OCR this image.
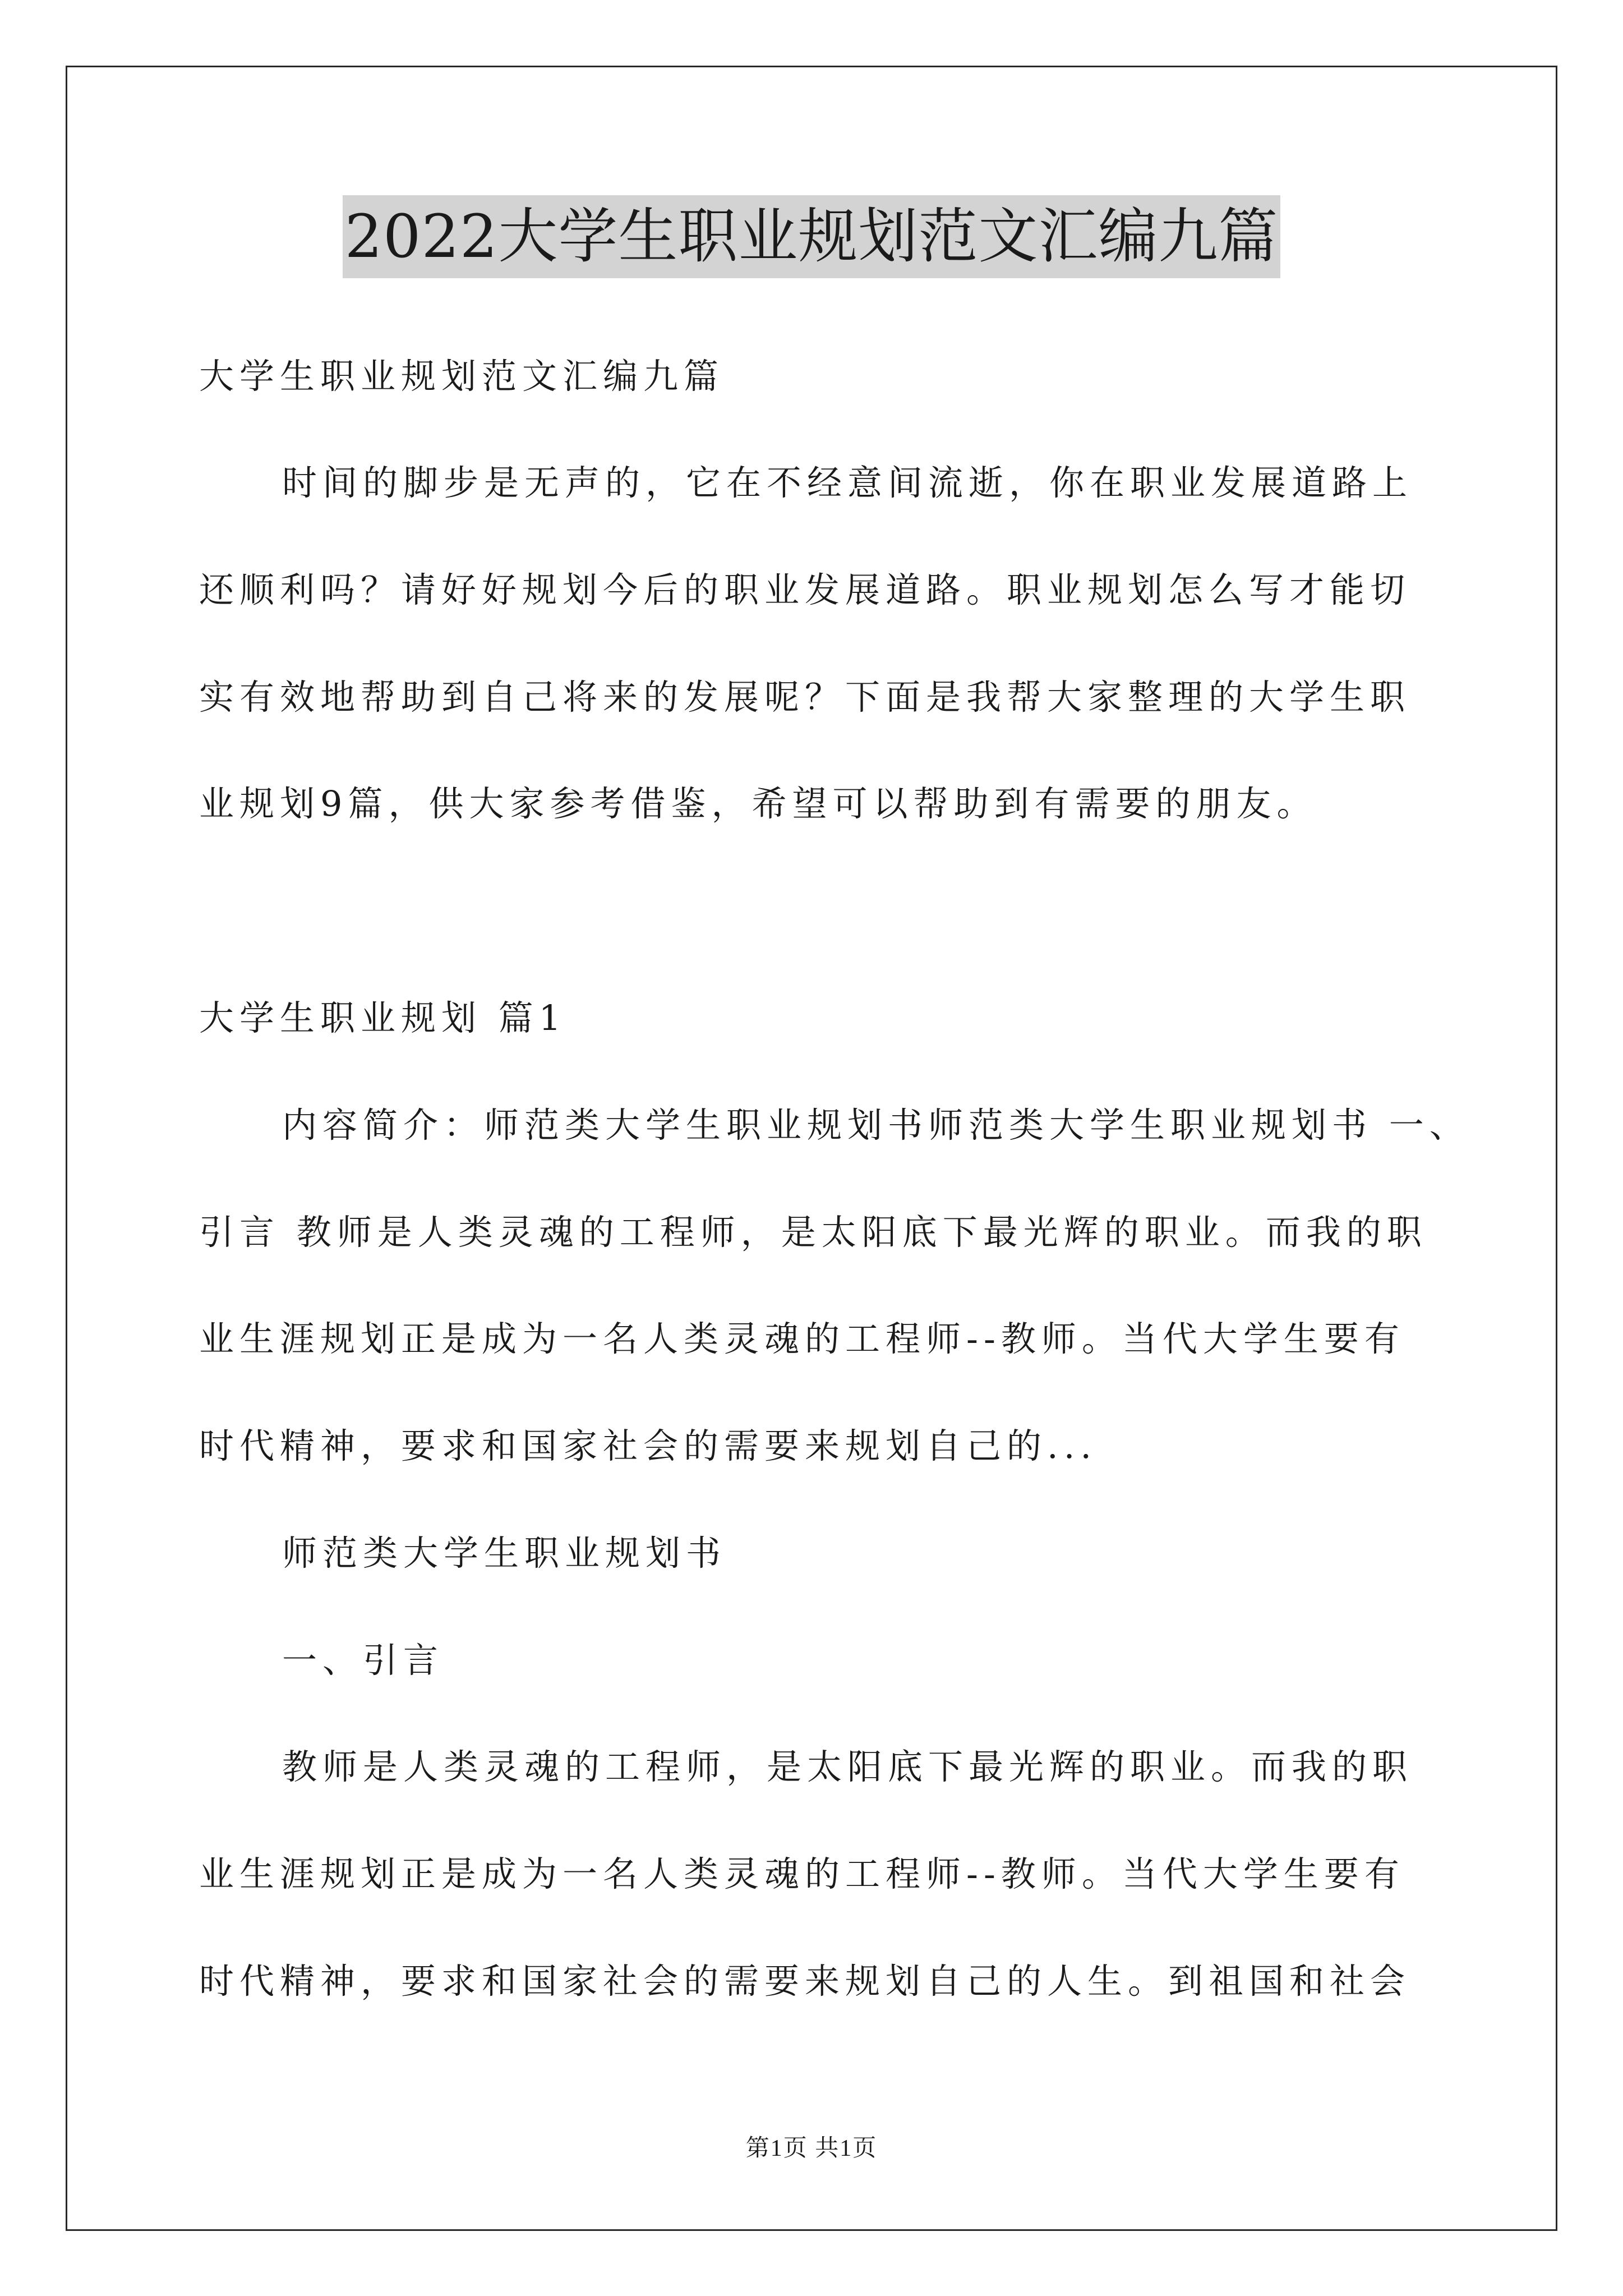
2022大学生职业规划范文汇编九篇
大学生职业规划范文汇编九篇
时间的脚步是无声的，它在不经意间流逝，你在职业发展道路上
还顺利吗？请好好规划今后的职业发展道路。职业规划怎么写才能切
实有效地帮助到自己将来的发展呢？下面是我帮大家整理的大学生职
业规划9篇，供大家参考借鉴，希望可以帮助到有需要的朋友。
大学生职业规划 篇1
内容简介：师范类大学生职业规划书师范类大学生职业规划书 一、
引言 教师是人类灵魂的工程师，是太阳底下最光辉的职业。而我的职
业生涯规划正是成为一名人类灵魂的工程师--教师。当代大学生要有
时代精神，要求和国家社会的需要来规划自己的...
师范类大学生职业规划书
一、引言
教师是人类灵魂的工程师，是太阳底下最光辉的职业。而我的职
业生涯规划正是成为一名人类灵魂的工程师--教师。当代大学生要有
时代精神，要求和国家社会的需要来规划自己的人生。到祖国和社会
第1页 共1页
